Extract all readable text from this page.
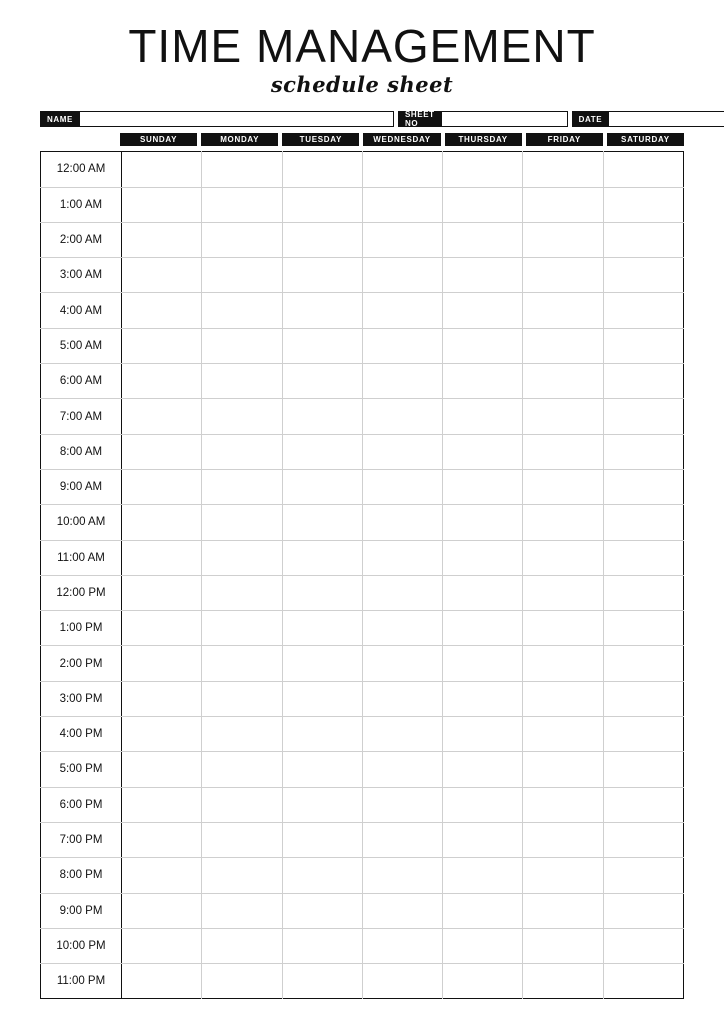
TIME MANAGEMENT

schedule sheet

NAME	SHEET NO	DATE
SUNDAY	MONDAY	TUESDAY	WEDNESDAY	THURSDAY	FRIDAY	SATURDAY
12:00 AM							
1:00 AM							
2:00 AM							
3:00 AM							
4:00 AM							
5:00 AM							
6:00 AM							
7:00 AM							
8:00 AM							
9:00 AM							
10:00 AM							
11:00 AM							
12:00 PM							
1:00 PM							
2:00 PM							
3:00 PM							
4:00 PM							
5:00 PM							
6:00 PM							
7:00 PM							
8:00 PM							
9:00 PM							
10:00 PM							
11:00 PM							
